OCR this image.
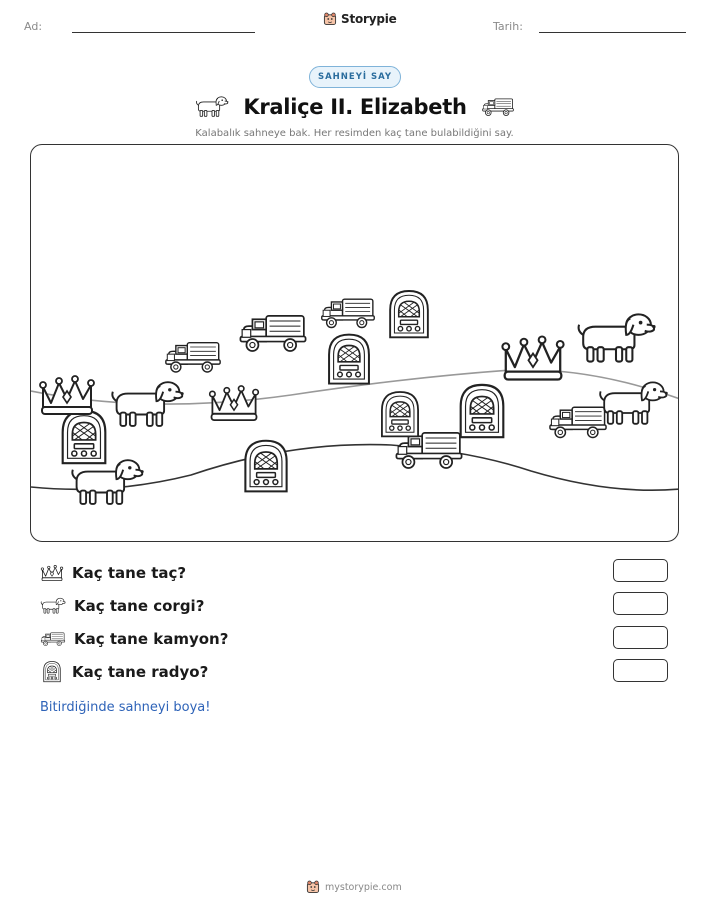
Ad:
Storypie
Tarih:
SAHNEYİ SAY
Kraliçe II. Elizabeth
Kalabalık sahneye bak. Her resimden kaç tane bulabildiğini say.
Kaç tane taç?
Kaç tane corgi?
Kaç tane kamyon?
Kaç tane radyo?
Bitirdiğinde sahneyi boya!
mystorypie.com
